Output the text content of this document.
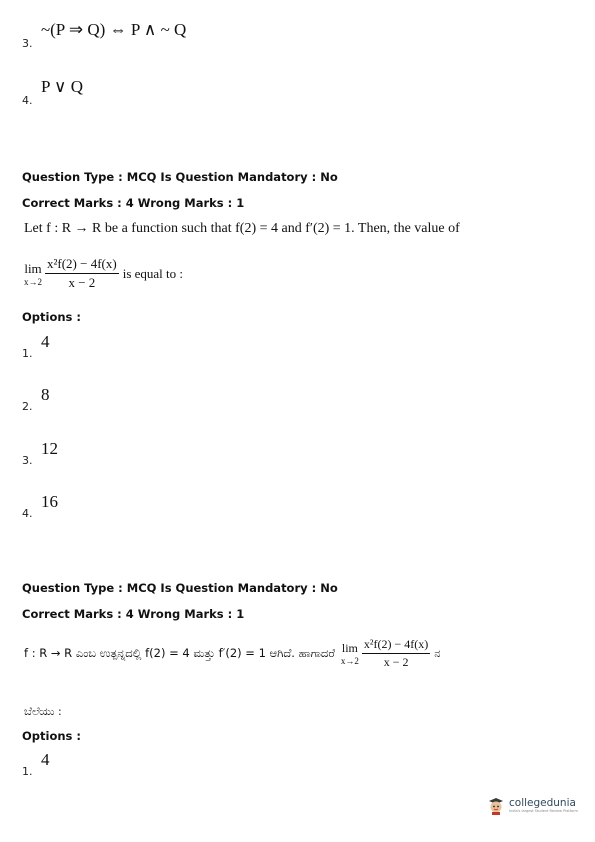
$_{3.}$ ~(P ⇒ Q) ⇔ P ∧ ~ Q
$_{4.}$ P ∨ Q
Question Type : MCQ Is Question Mandatory : No
Correct Marks : 4 Wrong Marks : 1
Let f : R → R be a function such that f(2) = 4 and f′(2) = 1. Then, the value of
lim
$x\to 2 \frac{\text{x²f(2) − 4f(x)}}{x - 2}$ is equal to :
Options :
$_{1.}$ 4
$_{2.}$ 8
$_{3.}$ 12
$_{4.}$ 16
Question Type : MCQ Is Question Mandatory : No
Correct Marks : 4 Wrong Marks : 1
f : R → R ಎಂಬ ಉತ್ಪನ್ನದಲ್ಲಿ f(2) = 4 ಮತ್ತು f′(2) = 1 ಆಗಿದೆ. ಹಾಗಾದರೆ lim
$x\to 2 \frac{\text{x²f(2) − 4f(x)}}{x - 2}$ ನ
ಬೆಲೆಯು :
Options :
$_{1.}$ 4
collegedunia
India's largest Student Review Platform
